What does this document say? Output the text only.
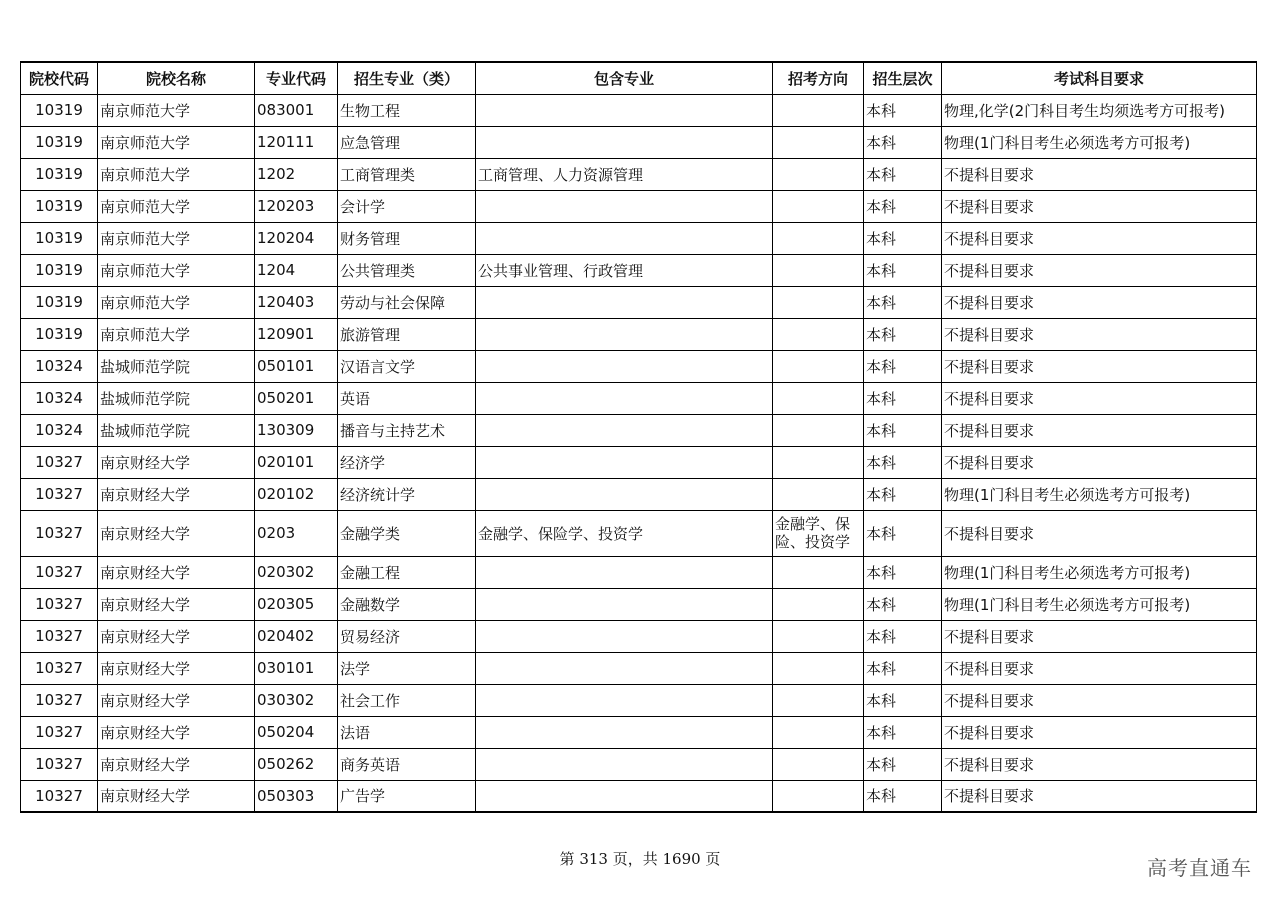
院校代码	院校名称	专业代码	招生专业（类）	包含专业	招考方向	招生层次	考试科目要求
10319	南京师范大学	083001	生物工程			本科	物理,化学(2门科目考生均须选考方可报考)
10319	南京师范大学	120111	应急管理			本科	物理(1门科目考生必须选考方可报考)
10319	南京师范大学	1202	工商管理类	工商管理、人力资源管理		本科	不提科目要求
10319	南京师范大学	120203	会计学			本科	不提科目要求
10319	南京师范大学	120204	财务管理			本科	不提科目要求
10319	南京师范大学	1204	公共管理类	公共事业管理、行政管理		本科	不提科目要求
10319	南京师范大学	120403	劳动与社会保障			本科	不提科目要求
10319	南京师范大学	120901	旅游管理			本科	不提科目要求
10324	盐城师范学院	050101	汉语言文学			本科	不提科目要求
10324	盐城师范学院	050201	英语			本科	不提科目要求
10324	盐城师范学院	130309	播音与主持艺术			本科	不提科目要求
10327	南京财经大学	020101	经济学			本科	不提科目要求
10327	南京财经大学	020102	经济统计学			本科	物理(1门科目考生必须选考方可报考)
10327	南京财经大学	0203	金融学类	金融学、保险学、投资学	金融学、保险、投资学	本科	不提科目要求
10327	南京财经大学	020302	金融工程			本科	物理(1门科目考生必须选考方可报考)
10327	南京财经大学	020305	金融数学			本科	物理(1门科目考生必须选考方可报考)
10327	南京财经大学	020402	贸易经济			本科	不提科目要求
10327	南京财经大学	030101	法学			本科	不提科目要求
10327	南京财经大学	030302	社会工作			本科	不提科目要求
10327	南京财经大学	050204	法语			本科	不提科目要求
10327	南京财经大学	050262	商务英语			本科	不提科目要求
10327	南京财经大学	050303	广告学			本科	不提科目要求
第 313 页，共 1690 页	高考直通车
